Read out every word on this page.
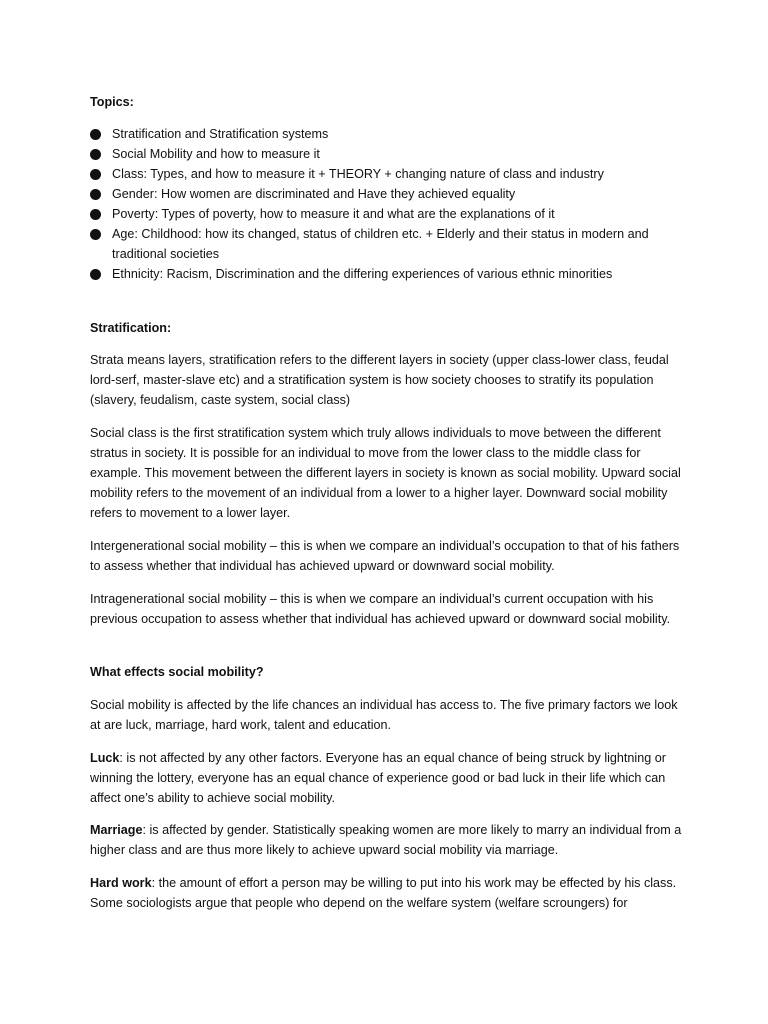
Topics:
Stratification and Stratification systems
Social Mobility and how to measure it
Class: Types, and how to measure it + THEORY + changing nature of class and industry
Gender: How women are discriminated and Have they achieved equality
Poverty: Types of poverty, how to measure it and what are the explanations of it
Age: Childhood: how its changed, status of children etc. + Elderly and their status in modern and traditional societies
Ethnicity: Racism, Discrimination and the differing experiences of various ethnic minorities
Stratification:

Strata means layers, stratification refers to the different layers in society (upper class-lower class, feudal lord-serf, master-slave etc) and a stratification system is how society chooses to stratify its population (slavery, feudalism, caste system, social class)

Social class is the first stratification system which truly allows individuals to move between the different stratus in society. It is possible for an individual to move from the lower class to the middle class for example. This movement between the different layers in society is known as social mobility. Upward social mobility refers to the movement of an individual from a lower to a higher layer. Downward social mobility refers to movement to a lower layer.

Intergenerational social mobility – this is when we compare an individual’s occupation to that of his fathers to assess whether that individual has achieved upward or downward social mobility.

Intragenerational social mobility – this is when we compare an individual’s current occupation with his previous occupation to assess whether that individual has achieved upward or downward social mobility.

What effects social mobility?

Social mobility is affected by the life chances an individual has access to. The five primary factors we look at are luck, marriage, hard work, talent and education.

Luck: is not affected by any other factors. Everyone has an equal chance of being struck by lightning or winning the lottery, everyone has an equal chance of experience good or bad luck in their life which can affect one’s ability to achieve social mobility.

Marriage: is affected by gender. Statistically speaking women are more likely to marry an individual from a higher class and are thus more likely to achieve upward social mobility via marriage.

Hard work: the amount of effort a person may be willing to put into his work may be effected by his class. Some sociologists argue that people who depend on the welfare system (welfare scroungers) for
